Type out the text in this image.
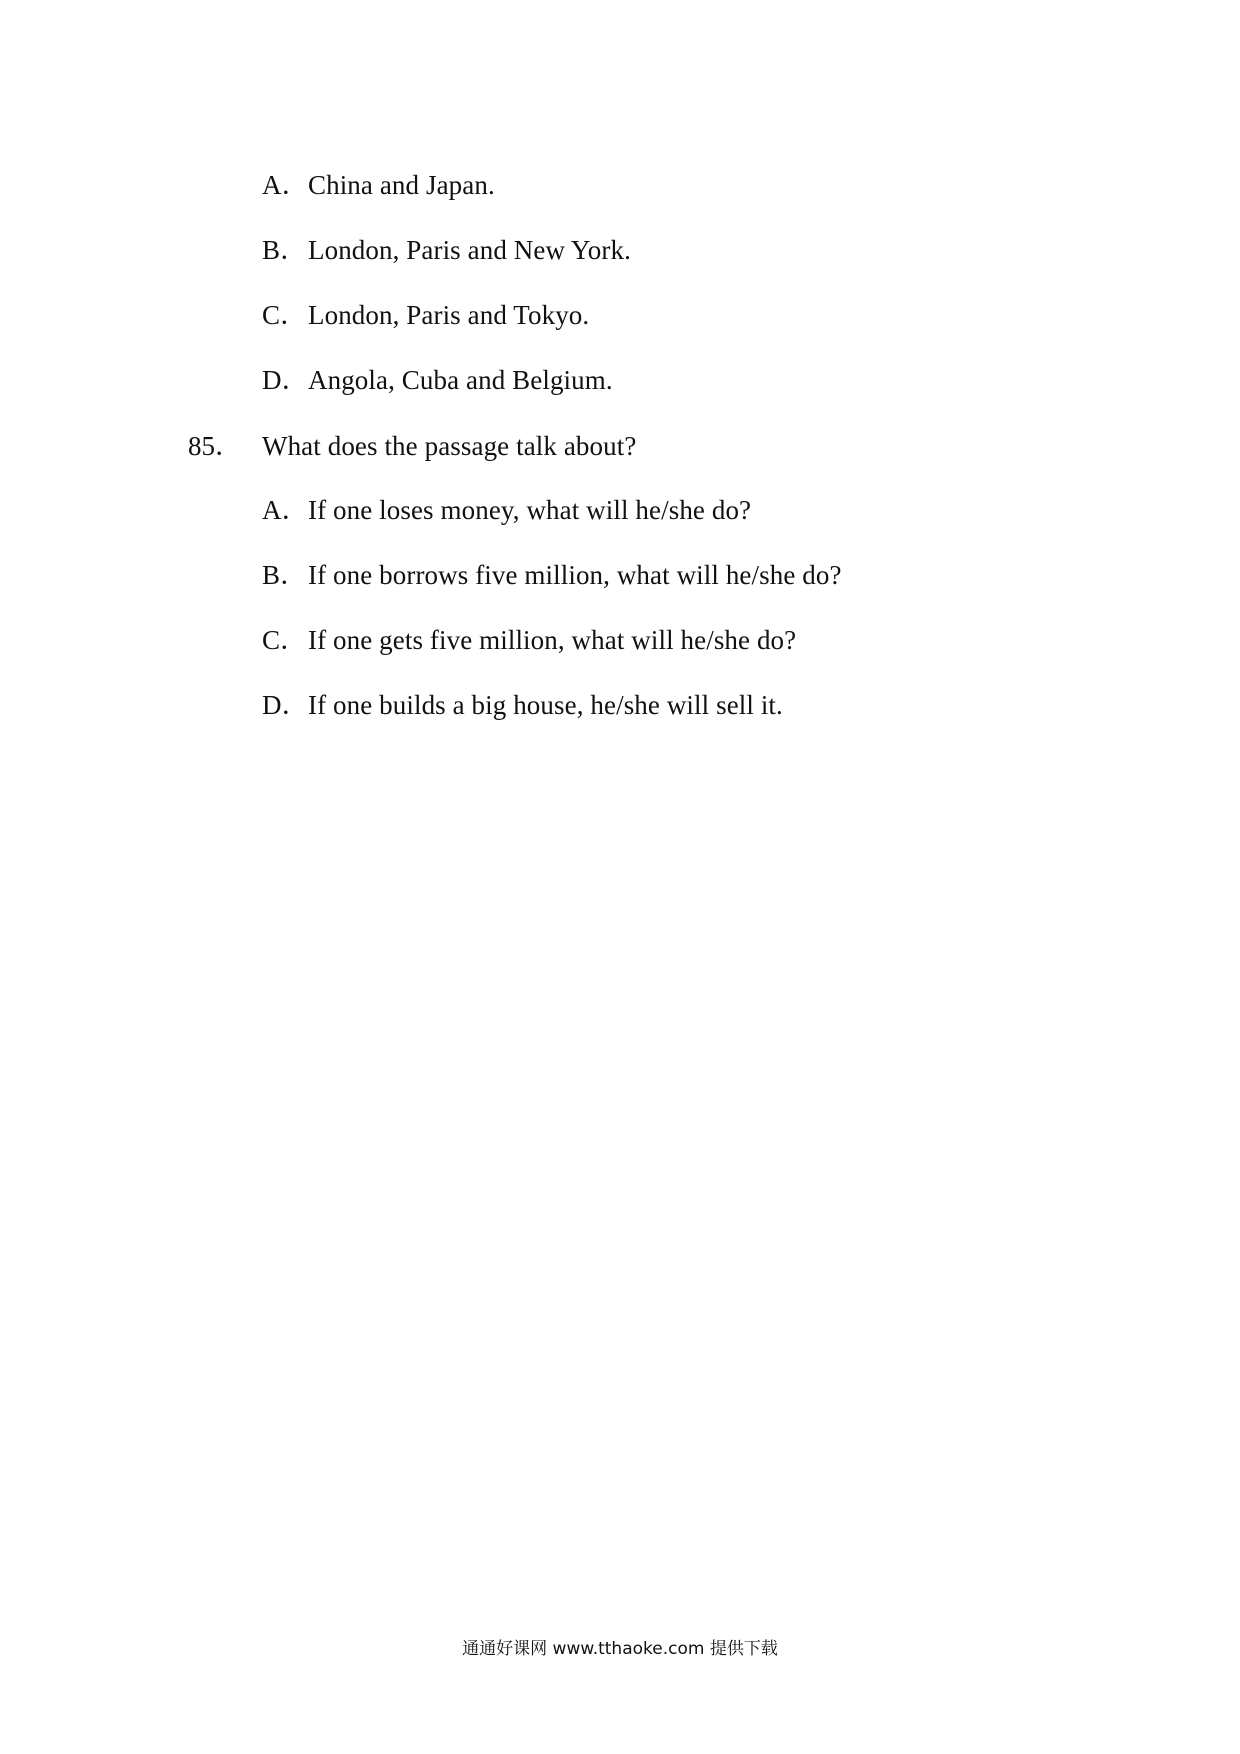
A．China and Japan.
B．London, Paris and New York.
C．London, Paris and Tokyo.
D．Angola, Cuba and Belgium.
85． What does the passage talk about?
A．If one loses money, what will he/she do?
B．If one borrows five million, what will he/she do?
C．If one gets five million, what will he/she do?
D．If one builds a big house, he/she will sell it.
通通好课网 www.tthaoke.com 提供下载
